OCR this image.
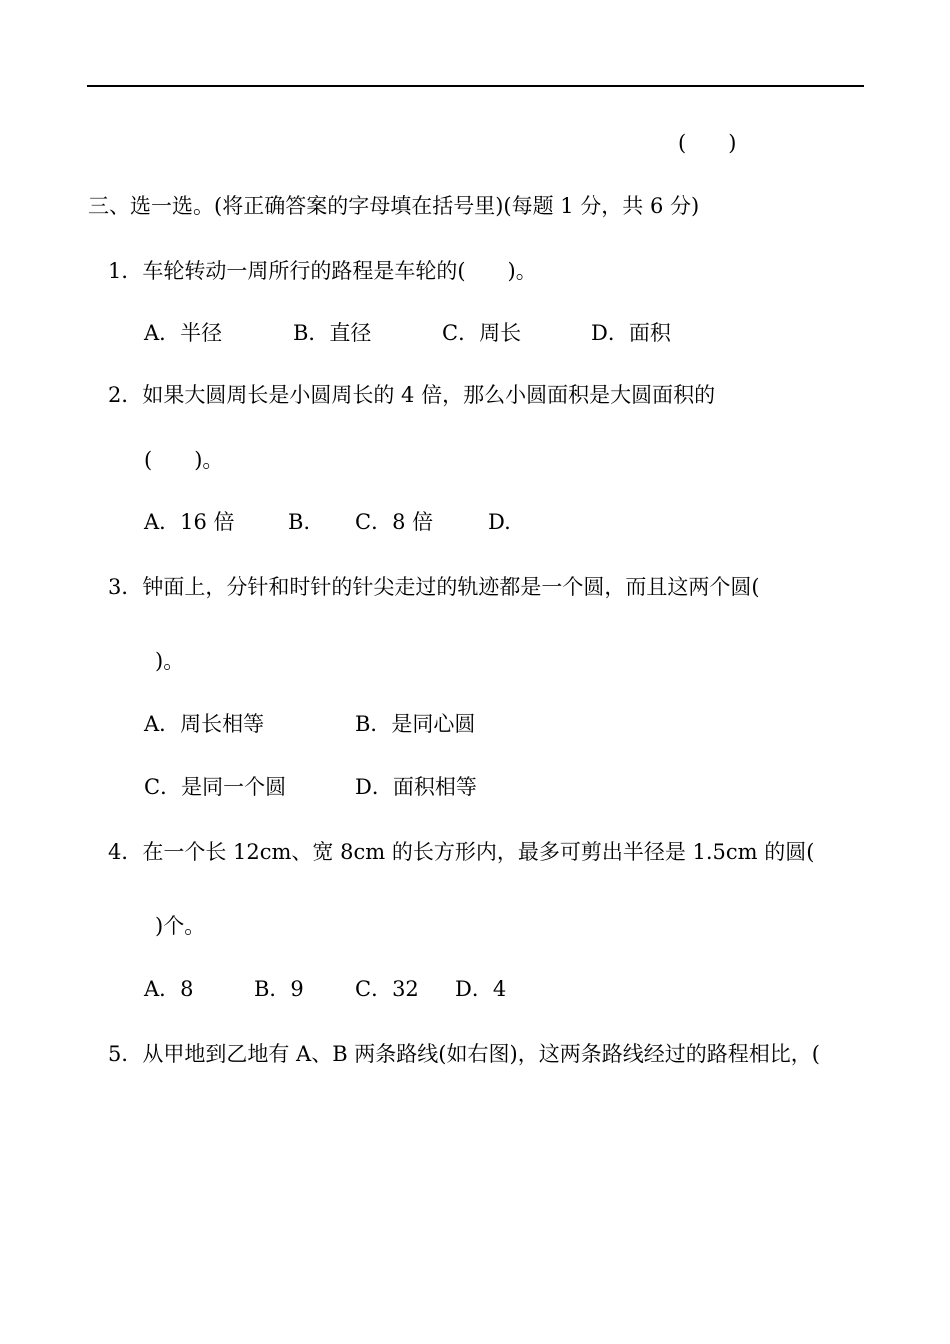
(　　)
三、选一选。(将正确答案的字母填在括号里)(每题 1 分，共 6 分)
1．车轮转动一周所行的路程是车轮的(　　)。
A．半径	B．直径	C．周长	D．面积
2．如果大圆周长是小圆周长的 4 倍，那么小圆面积是大圆面积的
(　　)。
A．16 倍	B. C．8 倍	D.
3．钟面上，分针和时针的针尖走过的轨迹都是一个圆，而且这两个圆(
)。
A．周长相等	B．是同心圆
C．是同一个圆	D．面积相等
4．在一个长 12cm、宽 8cm 的长方形内，最多可剪出半径是 1.5cm 的圆(
)个。
A．8	B．9 C．32 D．4
5．从甲地到乙地有 A、B 两条路线(如右图)，这两条路线经过的路程相比，(
